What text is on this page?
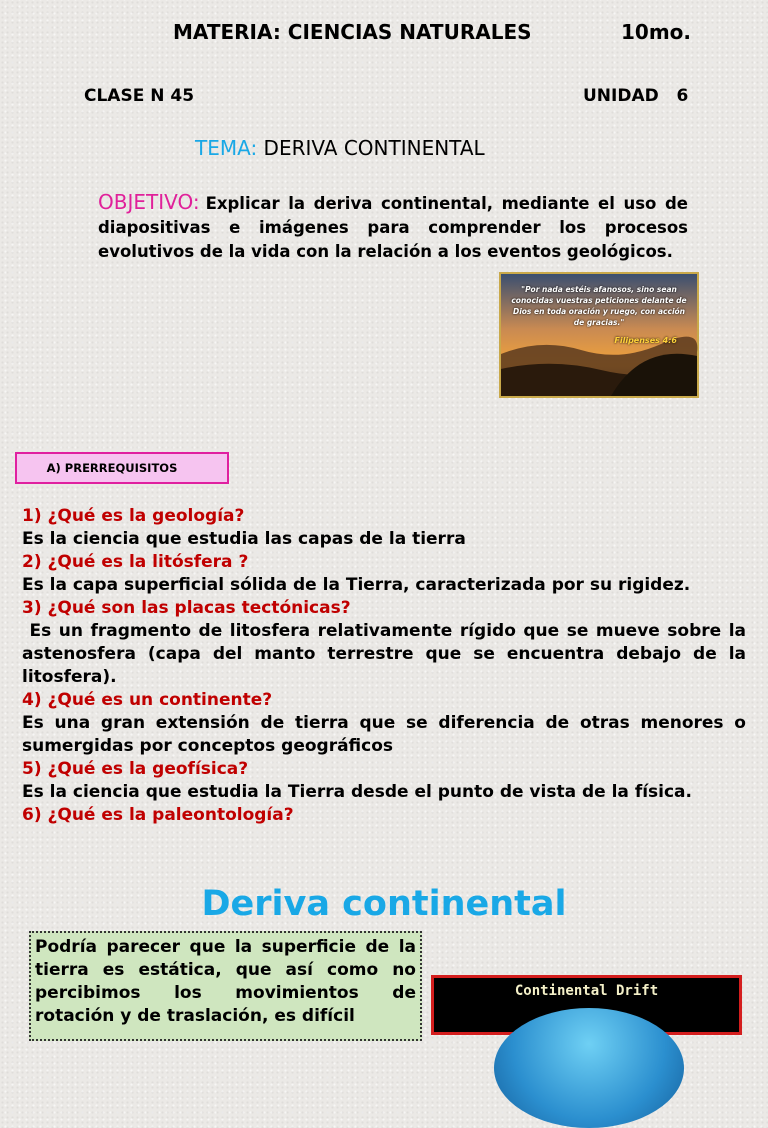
MATERIA: CIENCIAS NATURALES	10mo.
CLASE N 45	UNIDAD   6
TEMA: DERIVA CONTINENTAL
OBJETIVO: Explicar la deriva continental, mediante el uso de diapositivas e imágenes para comprender los procesos evolutivos de la vida con la relación a los eventos geológicos.
"Por nada estéis afanosos, sino sean conocidas vuestras peticiones delante de Dios en toda oración y ruego, con acción de gracias."
Filipenses 4:6
A) PRERREQUISITOS
1) ¿Qué es la geología?
Es la ciencia que estudia las capas de la tierra
2) ¿Qué es la litósfera ?
Es la capa superficial sólida de la Tierra, caracterizada por su rigidez.
3) ¿Qué son las placas tectónicas?
Es un fragmento de litosfera relativamente rígido que se mueve sobre la astenosfera (capa del manto terrestre que se encuentra debajo de la litosfera).
4) ¿Qué es un continente?
Es una gran extensión de tierra que se diferencia de otras menores o sumergidas por conceptos geográficos
5) ¿Qué es la geofísica?
Es la ciencia que estudia la Tierra desde el punto de vista de la física.
6) ¿Qué es la paleontología?
Deriva continental
Podría parecer que la superficie de la tierra es estática, que así como no percibimos los movimientos de rotación y de traslación, es difícil
Continental Drift
